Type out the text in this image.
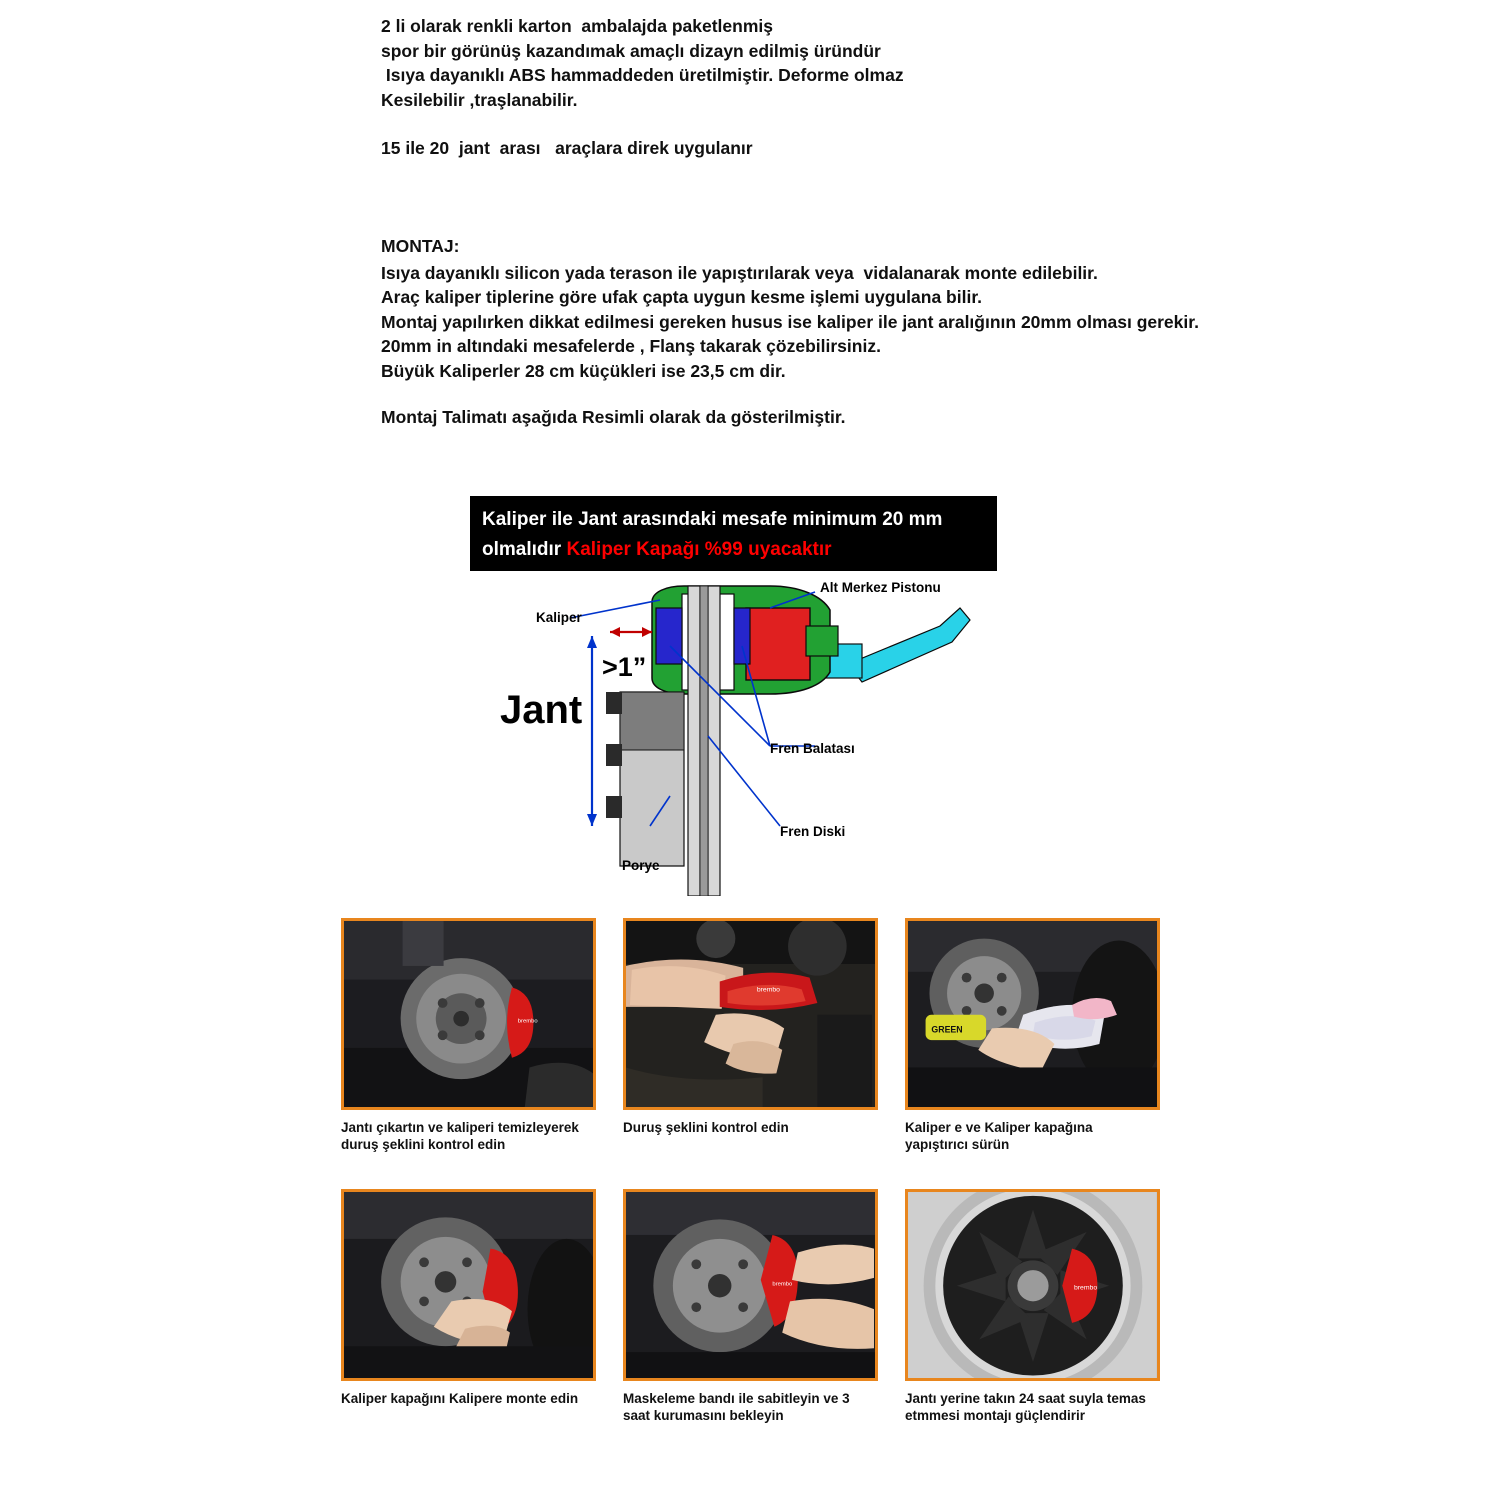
2 li olarak renkli karton  ambalajda paketlenmiş
spor bir görünüş kazandımak amaçlı dizayn edilmiş üründür
Isıya dayanıklı ABS hammaddeden üretilmiştir. Deforme olmaz
Kesilebilir ,traşlanabilir.
15 ile 20  jant  arası   araçlara direk uygulanır
MONTAJ:
Isıya dayanıklı silicon yada terason ile yapıştırılarak veya  vidalanarak monte edilebilir.
Araç kaliper tiplerine göre ufak çapta uygun kesme işlemi uygulana bilir.
Montaj yapılırken dikkat edilmesi gereken husus ise kaliper ile jant aralığının 20mm olması gerekir.
20mm in altındaki mesafelerde , Flanş takarak çözebilirsiniz.
Büyük Kaliperler 28 cm küçükleri ise 23,5 cm dir.
Montaj Talimatı aşağıda Resimli olarak da gösterilmiştir.
Kaliper ile Jant arasındaki mesafe minimum 20 mm olmalıdır Kaliper Kapağı %99 uyacaktır
Jant
>1”
Kaliper
Alt Merkez Pistonu
Fren Balatası
Fren Diski
Porye
brembo
Jantı çıkartın ve kaliperi temizleyerek duruş şeklini kontrol edin
brembo
Duruş şeklini kontrol edin
GREEN
Kaliper e ve Kaliper kapağına yapıştırıcı sürün
Kaliper kapağını Kalipere monte edin
brembo
Maskeleme bandı ile sabitleyin ve 3 saat kurumasını bekleyin
brembo
Jantı yerine takın 24 saat suyla temas etmmesi montajı güçlendirir
